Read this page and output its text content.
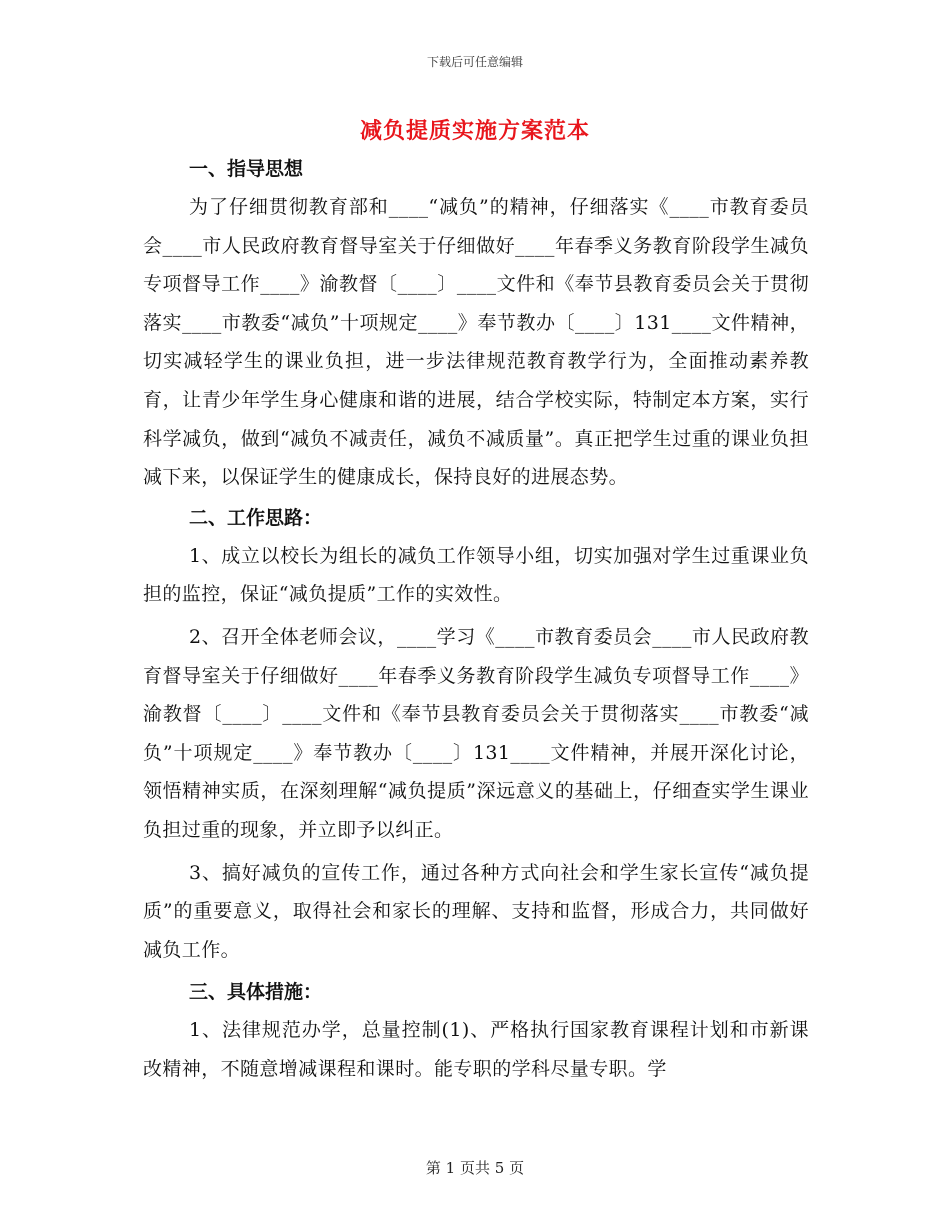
下载后可任意编辑
减负提质实施方案范本
一、指导思想

为了仔细贯彻教育部和____“减负”的精神，仔细落实《____市教育委员会____市人民政府教育督导室关于仔细做好____年春季义务教育阶段学生减负专项督导工作____》渝教督〔____〕____文件和《奉节县教育委员会关于贯彻落实____市教委“减负”十项规定____》奉节教办〔____〕131____文件精神，切实减轻学生的课业负担，进一步法律规范教育教学行为，全面推动素养教育，让青少年学生身心健康和谐的进展，结合学校实际，特制定本方案，实行科学减负，做到“减负不减责任，减负不减质量”。真正把学生过重的课业负担减下来，以保证学生的健康成长，保持良好的进展态势。

二、工作思路：

1、成立以校长为组长的减负工作领导小组，切实加强对学生过重课业负担的监控，保证“减负提质”工作的实效性。

2、召开全体老师会议，____学习《____市教育委员会____市人民政府教育督导室关于仔细做好____年春季义务教育阶段学生减负专项督导工作____》渝教督〔____〕____文件和《奉节县教育委员会关于贯彻落实____市教委“减负”十项规定____》奉节教办〔____〕131____文件精神，并展开深化讨论，领悟精神实质，在深刻理解“减负提质”深远意义的基础上，仔细查实学生课业负担过重的现象，并立即予以纠正。

3、搞好减负的宣传工作，通过各种方式向社会和学生家长宣传“减负提质”的重要意义，取得社会和家长的理解、支持和监督，形成合力，共同做好减负工作。

三、具体措施：

1、法律规范办学，总量控制(1)、严格执行国家教育课程计划和市新课改精神，不随意增减课程和课时。能专职的学科尽量专职。学

第 1 页共 5 页
